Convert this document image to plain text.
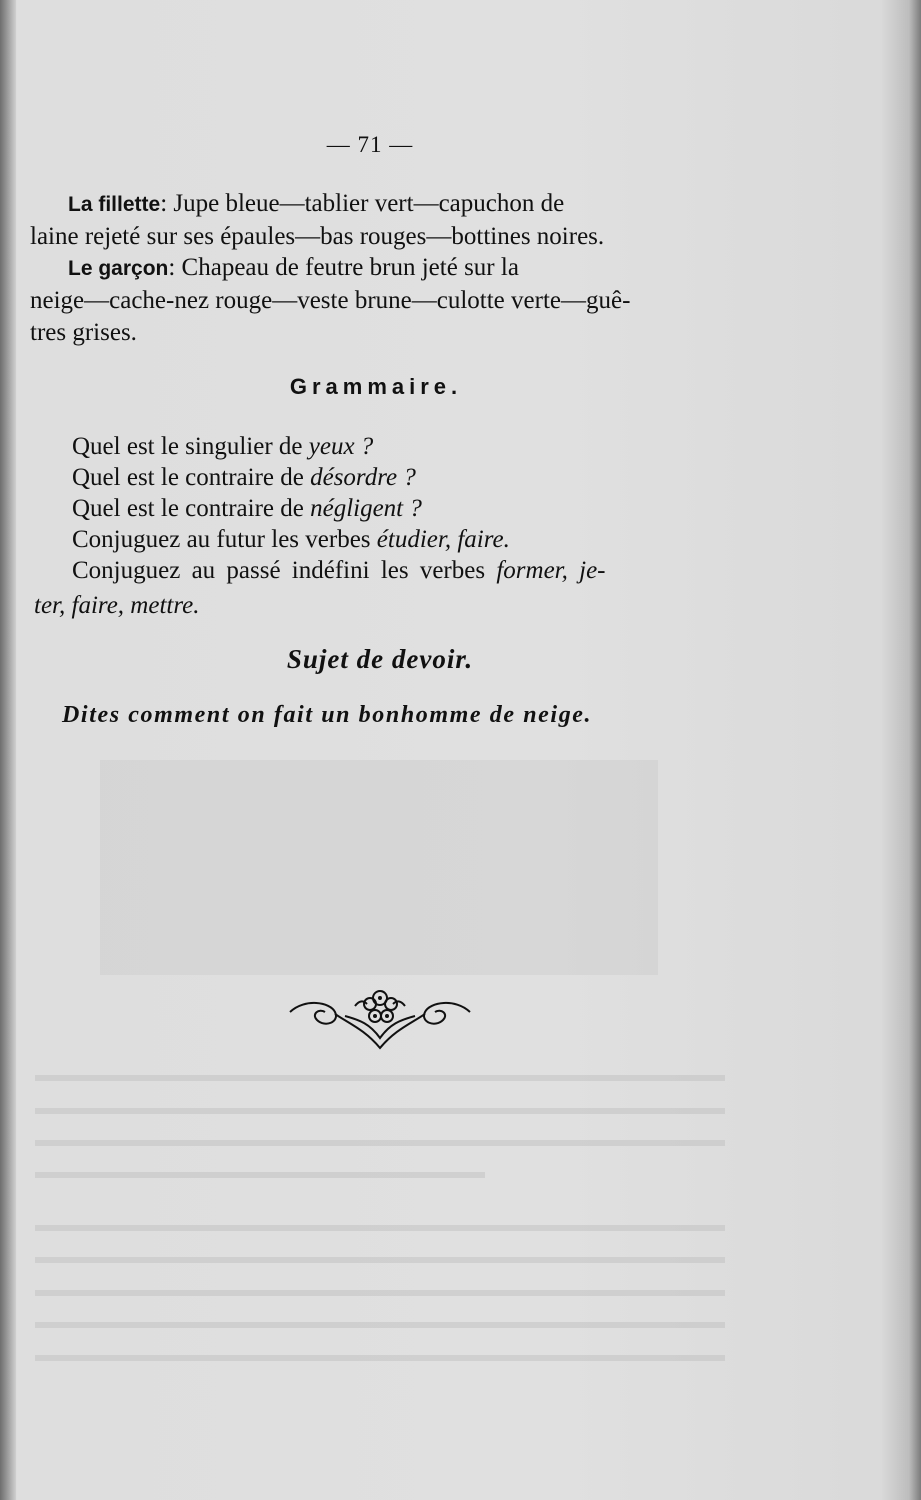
— 71 —
La fillette: Jupe bleue—tablier vert—capuchon de
laine rejeté sur ses épaules—bas rouges—bottines noires.
Le garçon: Chapeau de feutre brun jeté sur la
neige—cache-nez rouge—veste brune—culotte verte—guê-
tres grises.
Grammaire.
Quel est le singulier de yeux ?
Quel est le contraire de désordre ?
Quel est le contraire de négligent ?
Conjuguez au futur les verbes étudier, faire.
Conjuguez au passé indéfini les verbes former, je-
ter, faire, mettre.
Sujet de devoir.
Dites comment on fait un bonhomme de neige.
